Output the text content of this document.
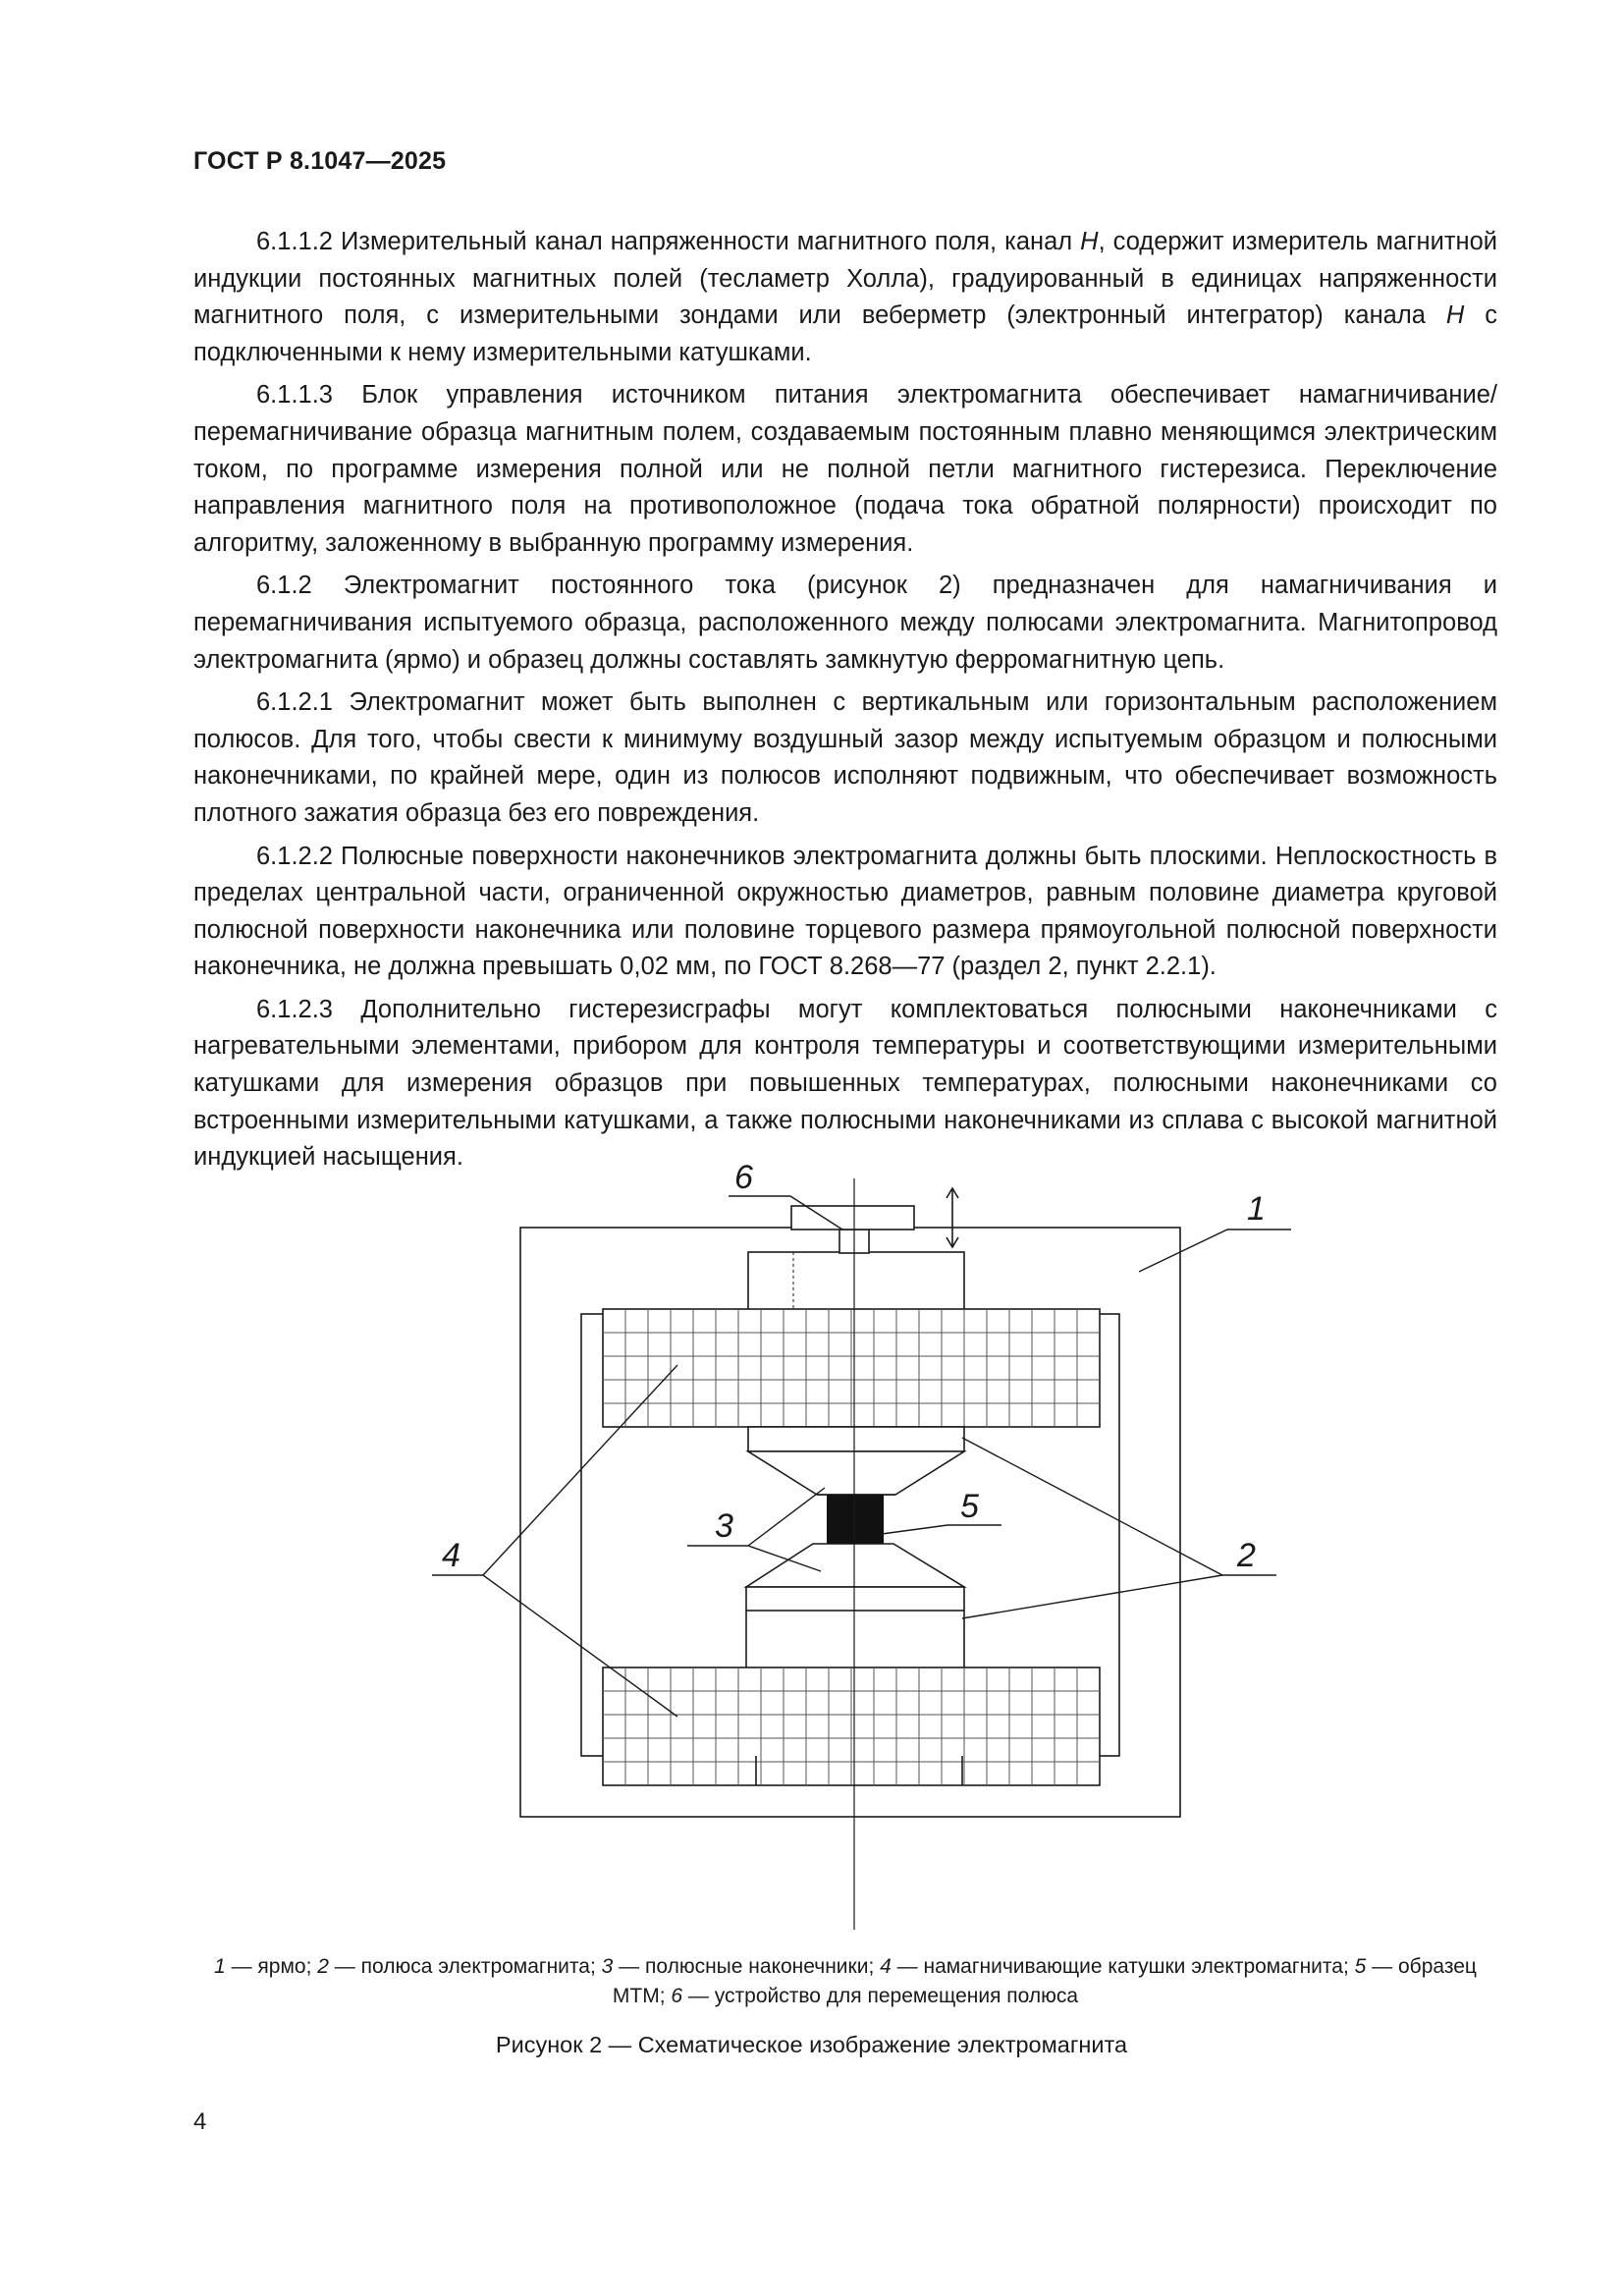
ГОСТ Р 8.1047—2025

6.1.1.2 Измерительный канал напряженности магнитного поля, канал H, содержит измеритель магнитной индукции постоянных магнитных полей (тесламетр Холла), градуированный в единицах напряженности магнитного поля, с измерительными зондами или веберметр (электронный интегратор) канала H с подключенными к нему измерительными катушками.

6.1.1.3 Блок управления источником питания электромагнита обеспечивает намагничивание/перемагничивание образца магнитным полем, создаваемым постоянным плавно меняющимся электрическим током, по программе измерения полной или не полной петли магнитного гистерезиса. Переключение направления магнитного поля на противоположное (подача тока обратной полярности) происходит по алгоритму, заложенному в выбранную программу измерения.

6.1.2 Электромагнит постоянного тока (рисунок 2) предназначен для намагничивания и перемагничивания испытуемого образца, расположенного между полюсами электромагнита. Магнитопровод электромагнита (ярмо) и образец должны составлять замкнутую ферромагнитную цепь.

6.1.2.1 Электромагнит может быть выполнен с вертикальным или горизонтальным расположением полюсов. Для того, чтобы свести к минимуму воздушный зазор между испытуемым образцом и полюсными наконечниками, по крайней мере, один из полюсов исполняют подвижным, что обеспечивает возможность плотного зажатия образца без его повреждения.

6.1.2.2 Полюсные поверхности наконечников электромагнита должны быть плоскими. Неплоскостность в пределах центральной части, ограниченной окружностью диаметров, равным половине диаметра круговой полюсной поверхности наконечника или половине торцевого размера прямоугольной полюсной поверхности наконечника, не должна превышать 0,02 мм, по ГОСТ 8.268—77 (раздел 2, пункт 2.2.1).

6.1.2.3 Дополнительно гистерезисграфы могут комплектоваться полюсными наконечниками с нагревательными элементами, прибором для контроля температуры и соответствующими измерительными катушками для измерения образцов при повышенных температурах, полюсными наконечниками со встроенными измерительными катушками, а также полюсными наконечниками из сплава с высокой магнитной индукцией насыщения.

6
1
4
3
5
2
1 — ярмо; 2 — полюса электромагнита; 3 — полюсные наконечники; 4 — намагничивающие катушки электромагнита; 5 — образец МТМ; 6 — устройство для перемещения полюса
Рисунок 2 — Схематическое изображение электромагнита
4
